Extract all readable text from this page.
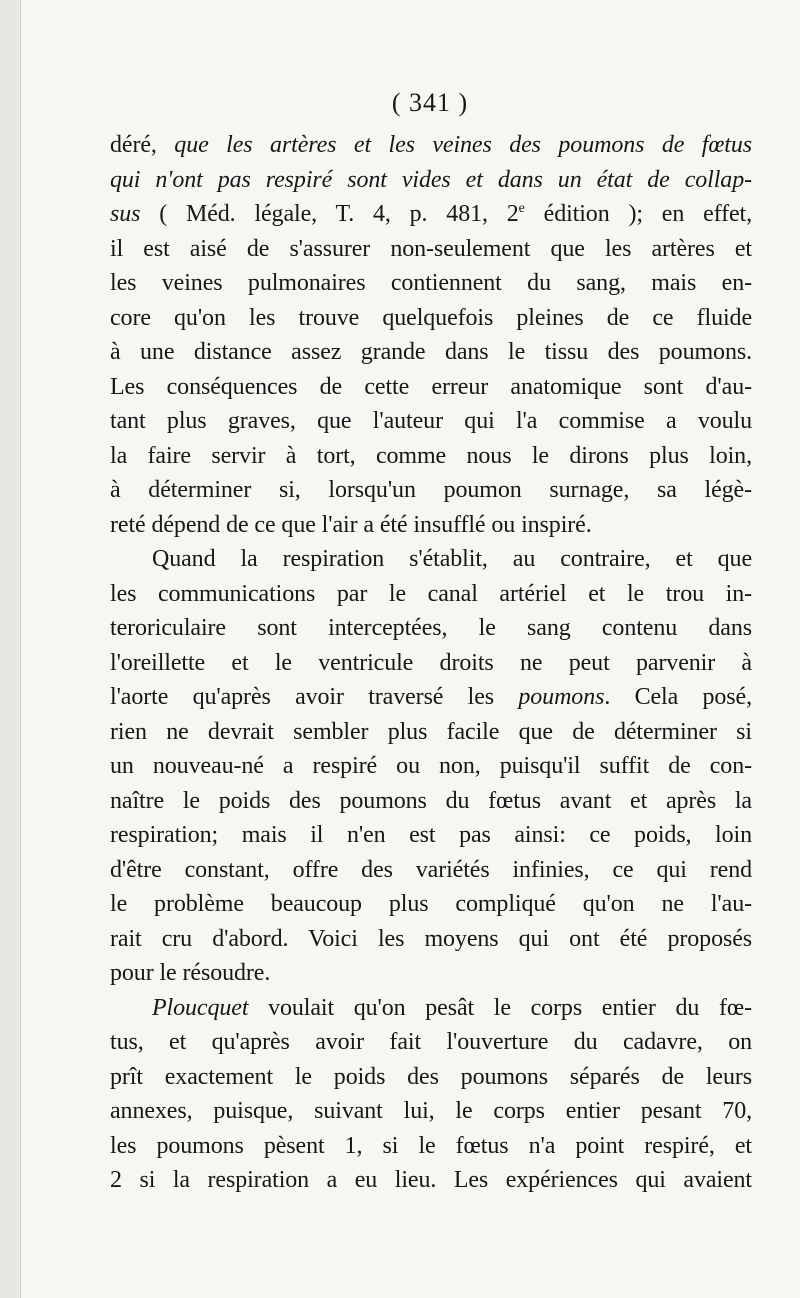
( 341 )
déré, que les artères et les veines des poumons de fœtus
qui n'ont pas respiré sont vides et dans un état de collap-
sus ( Méd. légale, T. 4, p. 481, 2e édition ); en effet,
il est aisé de s'assurer non-seulement que les artères et
les veines pulmonaires contiennent du sang, mais en-
core qu'on les trouve quelquefois pleines de ce fluide
à une distance assez grande dans le tissu des poumons.
Les conséquences de cette erreur anatomique sont d'au-
tant plus graves, que l'auteur qui l'a commise a voulu
la faire servir à tort, comme nous le dirons plus loin,
à déterminer si, lorsqu'un poumon surnage, sa légè-
reté dépend de ce que l'air a été insufflé ou inspiré.
Quand la respiration s'établit, au contraire, et que
les communications par le canal artériel et le trou in-
teroriculaire sont interceptées, le sang contenu dans
l'oreillette et le ventricule droits ne peut parvenir à
l'aorte qu'après avoir traversé les poumons. Cela posé,
rien ne devrait sembler plus facile que de déterminer si
un nouveau-né a respiré ou non, puisqu'il suffit de con-
naître le poids des poumons du fœtus avant et après la
respiration; mais il n'en est pas ainsi: ce poids, loin
d'être constant, offre des variétés infinies, ce qui rend
le problème beaucoup plus compliqué qu'on ne l'au-
rait cru d'abord. Voici les moyens qui ont été proposés
pour le résoudre.
Ploucquet voulait qu'on pesât le corps entier du fœ-
tus, et qu'après avoir fait l'ouverture du cadavre, on
prît exactement le poids des poumons séparés de leurs
annexes, puisque, suivant lui, le corps entier pesant 70,
les poumons pèsent 1, si le fœtus n'a point respiré, et
2 si la respiration a eu lieu. Les expériences qui avaient
